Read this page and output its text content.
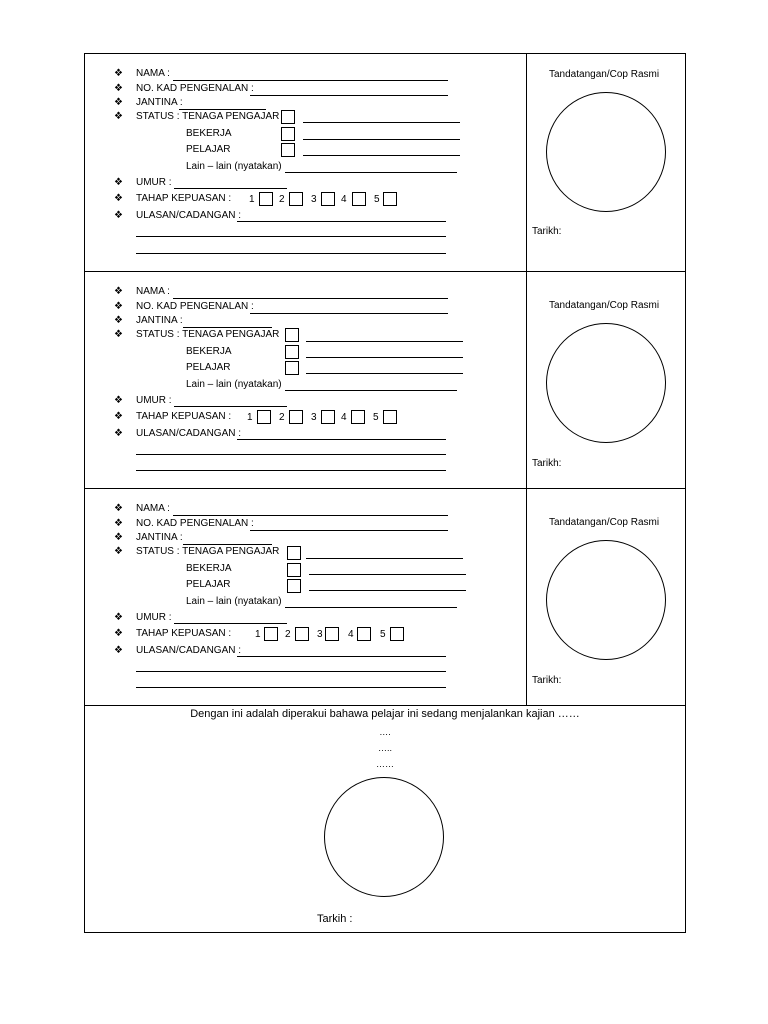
❖ NAMA :
❖ NO. KAD PENGENALAN :
❖ JANTINA :
❖ STATUS : TENAGA PENGAJAR
BEKERJA
PELAJAR
Lain – lain (nyatakan)
❖ UMUR :
❖ TAHAP KEPUASAN : 1 2	3 4	5
❖ ULASAN/CADANGAN :
Tandatangan/Cop Rasmi
Tarikh:
❖ NAMA :
❖ NO. KAD PENGENALAN :
❖ JANTINA :
❖ STATUS : TENAGA PENGAJAR
BEKERJA
PELAJAR
Lain – lain (nyatakan)
❖ UMUR :
❖ TAHAP KEPUASAN : 1	2	3 4	5
❖ ULASAN/CADANGAN :
Tandatangan/Cop Rasmi
Tarikh:
❖ NAMA :
❖ NO. KAD PENGENALAN :
❖ JANTINA :
❖ STATUS : TENAGA PENGAJAR
BEKERJA
PELAJAR
Lain – lain (nyatakan)
❖ UMUR :
❖ TAHAP KEPUASAN : 1 2	3	4	5
❖ ULASAN/CADANGAN :
Tandatangan/Cop Rasmi
Tarikh:
Dengan ini adalah diperakui bahawa pelajar ini sedang menjalankan kajian ……
….
…..
……
Tarkih :
